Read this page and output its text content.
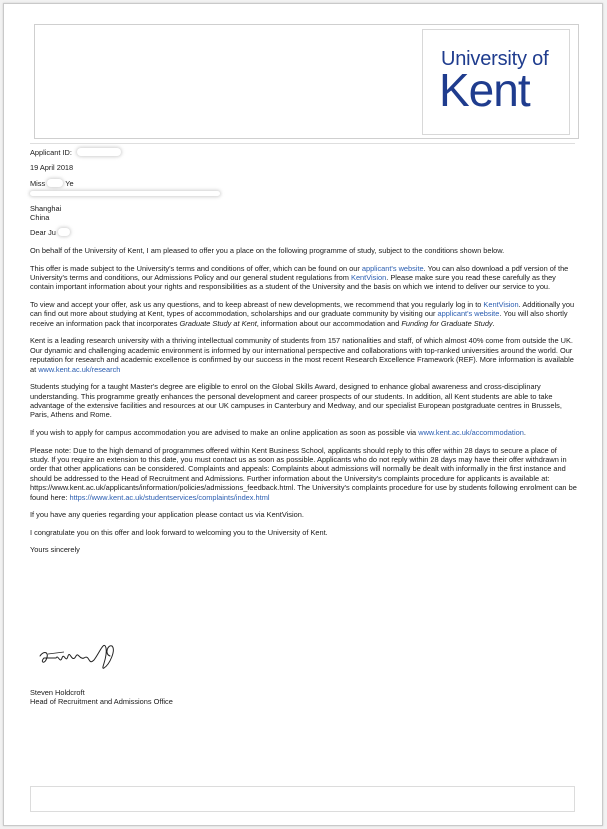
University of
Kent

Applicant ID:

19 April 2018

Miss	Ye

Shanghai
China

Dear Ju

On behalf of the University of Kent, I am pleased to offer you a place on the following programme of study, subject to the conditions shown below.

This offer is made subject to the University's terms and conditions of offer, which can be found on our applicant's website. You can also download a pdf version of the University's terms and conditions, our Admissions Policy and our general student regulations from KentVision. Please make sure you read these carefully as they contain important information about your rights and responsibilities as a student of the University and the basis on which we intend to deliver our service to you.

To view and accept your offer, ask us any questions, and to keep abreast of new developments, we recommend that you regularly log in to KentVision. Additionally you can find out more about studying at Kent, types of accommodation, scholarships and our graduate community by visiting our applicant's website. You will also shortly receive an information pack that incorporates Graduate Study at Kent, information about our accommodation and Funding for Graduate Study.

Kent is a leading research university with a thriving intellectual community of students from 157 nationalities and staff, of which almost 40% come from outside the UK. Our dynamic and challenging academic environment is informed by our international perspective and collaborations with top-ranked universities around the world. Our reputation for research and academic excellence is confirmed by our success in the most recent Research Excellence Framework (REF). More information is available at www.kent.ac.uk/research

Students studying for a taught Master's degree are eligible to enrol on the Global Skills Award, designed to enhance global awareness and cross-disciplinary understanding. This programme greatly enhances the personal development and career prospects of our students. In addition, all Kent students are able to take advantage of the extensive facilities and resources at our UK campuses in Canterbury and Medway, and our specialist European postgraduate centres in Brussels, Paris, Athens and Rome.

If you wish to apply for campus accommodation you are advised to make an online application as soon as possible via www.kent.ac.uk/accommodation.

Please note: Due to the high demand of programmes offered within Kent Business School, applicants should reply to this offer within 28 days to secure a place of study. If you require an extension to this date, you must contact us as soon as possible. Applicants who do not reply within 28 days may have their offer withdrawn in order that other applications can be considered. Complaints and appeals: Complaints about admissions will normally be dealt with informally in the first instance and should be addressed to the Head of Recruitment and Admissions. Further information about the University's complaints procedure for applicants is available at: https://www.kent.ac.uk/applicants/information/policies/admissions_feedback.html. The University's complaints procedure for use by students following enrolment can be found here: https://www.kent.ac.uk/studentservices/complaints/index.html

If you have any queries regarding your application please contact us via KentVision.

I congratulate you on this offer and look forward to welcoming you to the University of Kent.

Yours sincerely

Steven Holdcroft
Head of Recruitment and Admissions Office
